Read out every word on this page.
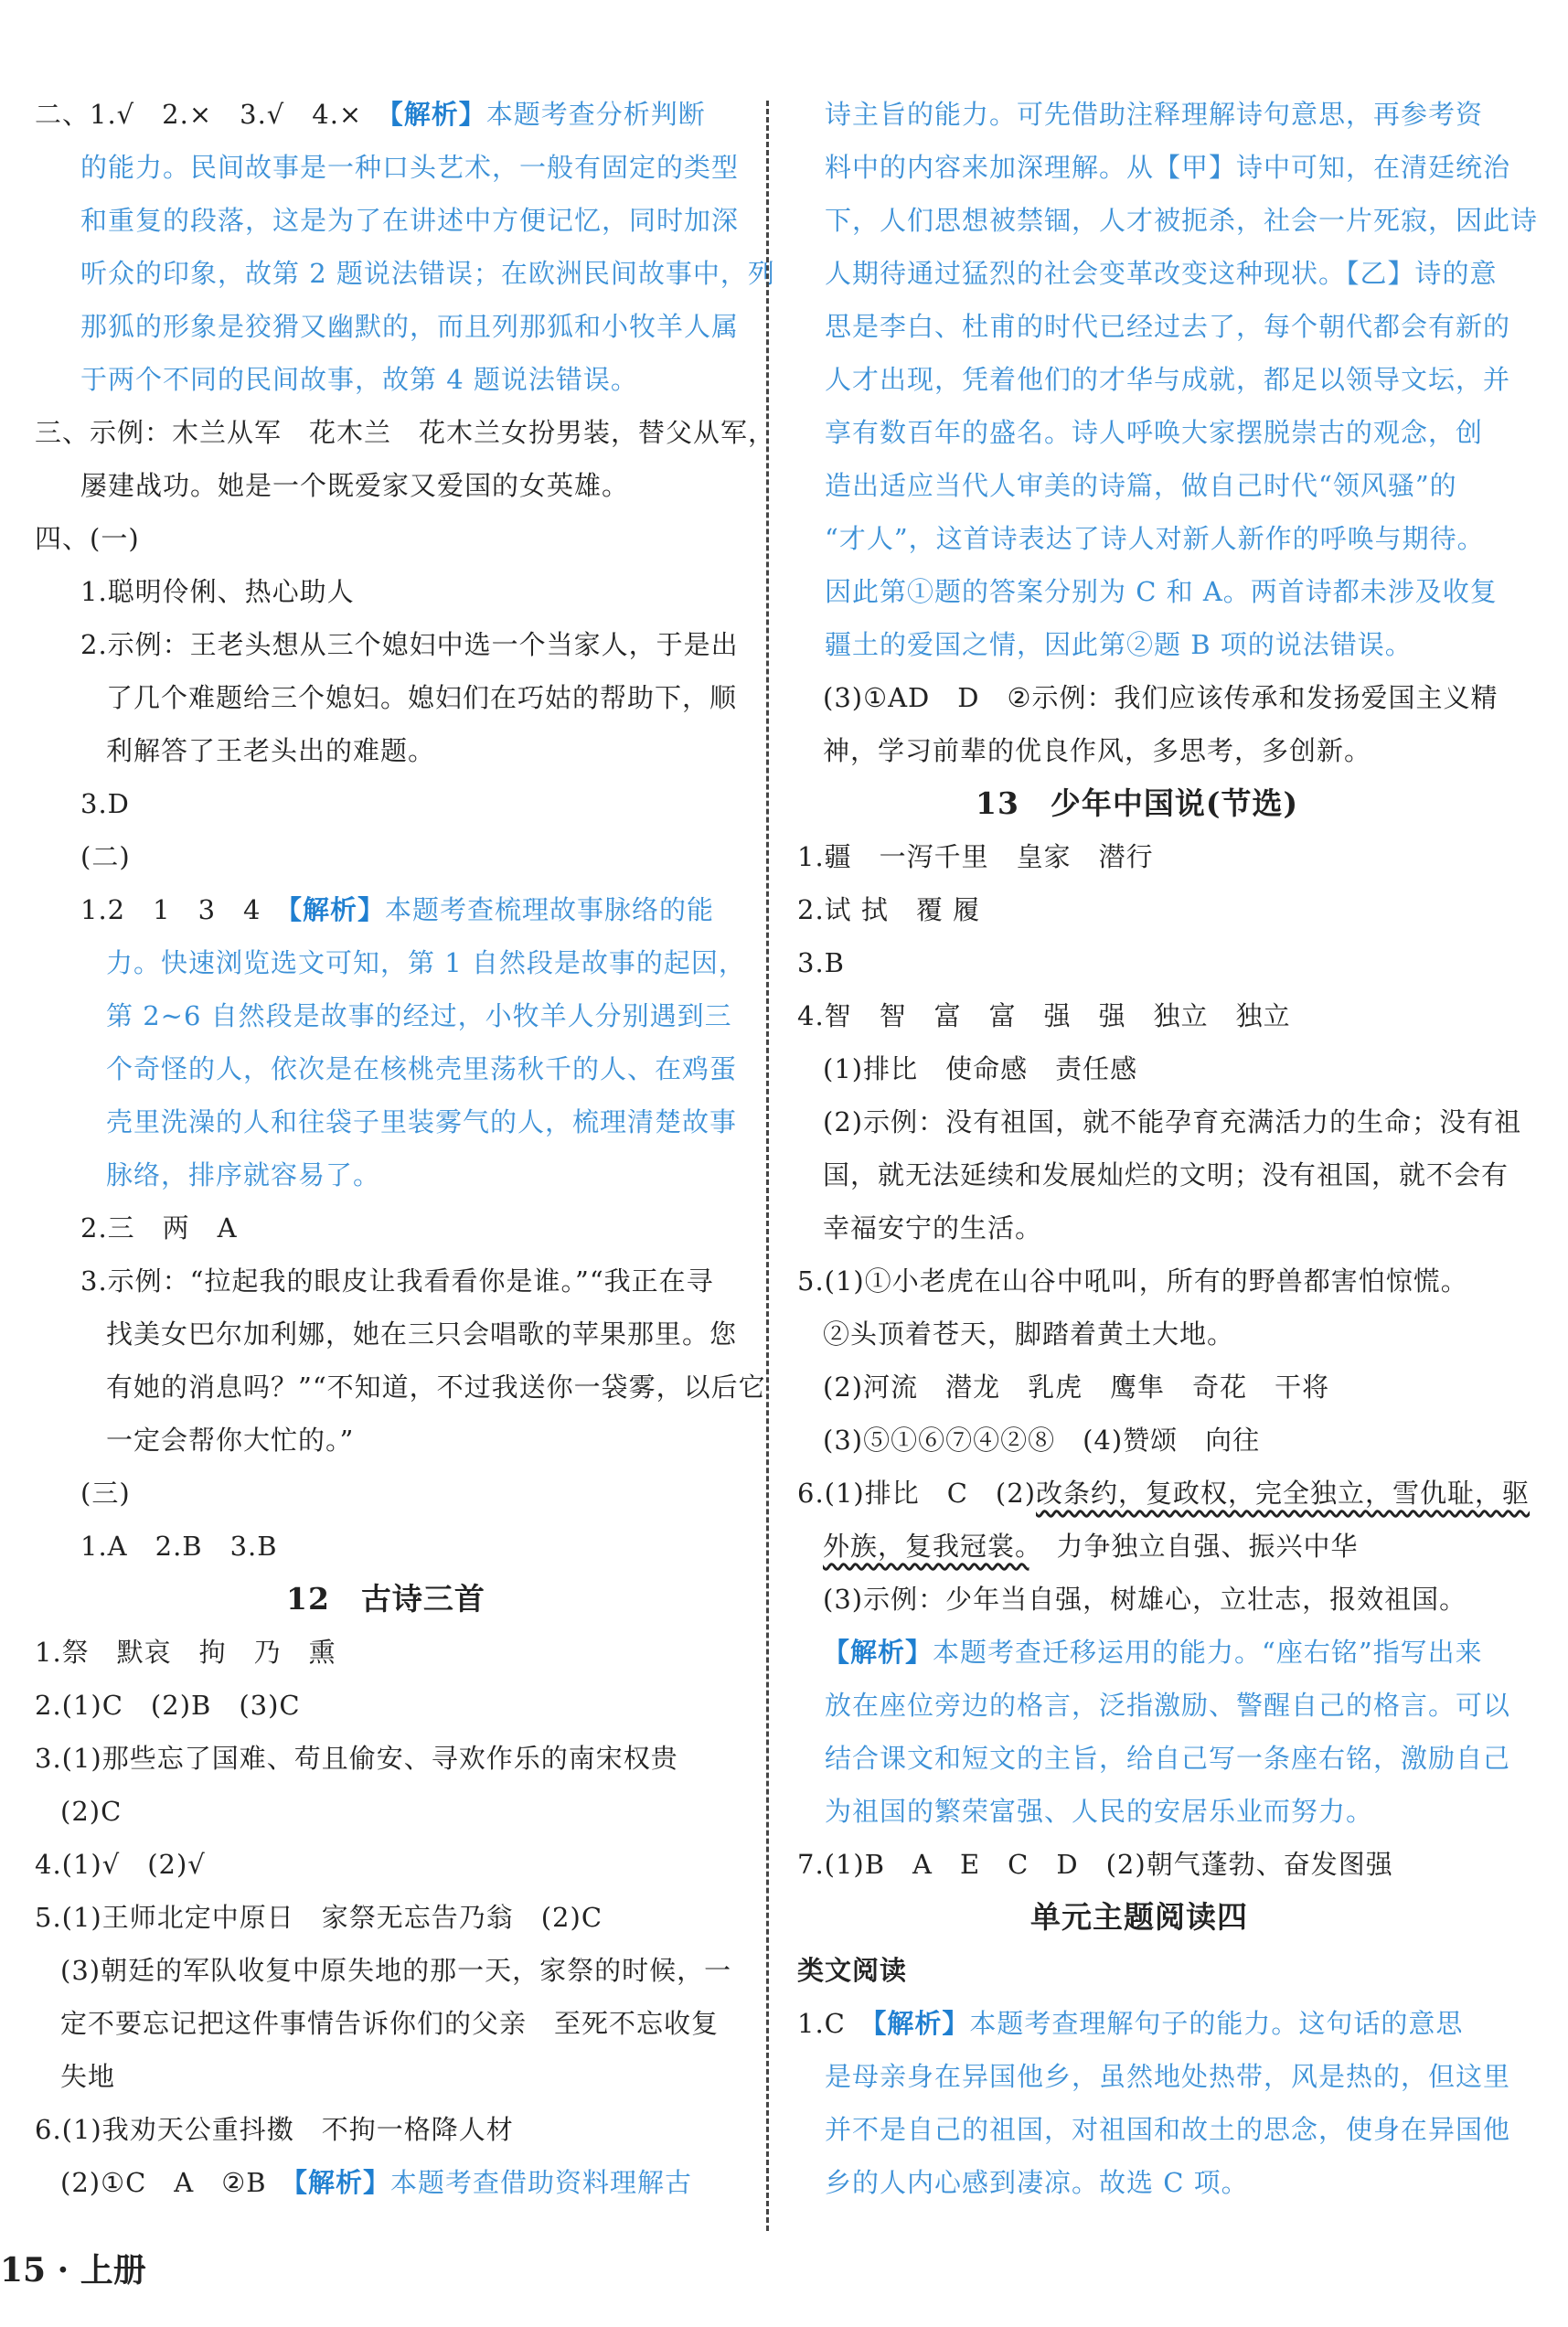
二、1.√　2.×　3.√　4.×　【解析】本题考查分析判断
的能力。民间故事是一种口头艺术，一般有固定的类型
和重复的段落，这是为了在讲述中方便记忆，同时加深
听众的印象，故第 2 题说法错误；在欧洲民间故事中，列
那狐的形象是狡猾又幽默的，而且列那狐和小牧羊人属
于两个不同的民间故事，故第 4 题说法错误。
三、示例：木兰从军　花木兰　花木兰女扮男装，替父从军，
屡建战功。她是一个既爱家又爱国的女英雄。
四、(一)
1.聪明伶俐、热心助人
2.示例：王老头想从三个媳妇中选一个当家人，于是出
了几个难题给三个媳妇。媳妇们在巧姑的帮助下，顺
利解答了王老头出的难题。
3.D
(二)
1.2　1　3　4　【解析】本题考查梳理故事脉络的能
力。快速浏览选文可知，第 1 自然段是故事的起因，
第 2~6 自然段是故事的经过，小牧羊人分别遇到三
个奇怪的人，依次是在核桃壳里荡秋千的人、在鸡蛋
壳里洗澡的人和往袋子里装雾气的人，梳理清楚故事
脉络，排序就容易了。
2.三　两　A
3.示例：“拉起我的眼皮让我看看你是谁。”“我正在寻
找美女巴尔加利娜，她在三只会唱歌的苹果那里。您
有她的消息吗？”“不知道，不过我送你一袋雾，以后它
一定会帮你大忙的。”
(三)
1.A　2.B　3.B
12　古诗三首
1.祭　默哀　拘　乃　熏
2.(1)C　(2)B　(3)C
3.(1)那些忘了国难、苟且偷安、寻欢作乐的南宋权贵
(2)C
4.(1)√　(2)√
5.(1)王师北定中原日　家祭无忘告乃翁　(2)C
(3)朝廷的军队收复中原失地的那一天，家祭的时候，一
定不要忘记把这件事情告诉你们的父亲　至死不忘收复
失地
6.(1)我劝天公重抖擞　不拘一格降人材
(2)①C　A　②B　【解析】本题考查借助资料理解古
诗主旨的能力。可先借助注释理解诗句意思，再参考资
料中的内容来加深理解。从【甲】诗中可知，在清廷统治
下，人们思想被禁锢，人才被扼杀，社会一片死寂，因此诗
人期待通过猛烈的社会变革改变这种现状。【乙】诗的意
思是李白、杜甫的时代已经过去了，每个朝代都会有新的
人才出现，凭着他们的才华与成就，都足以领导文坛，并
享有数百年的盛名。诗人呼唤大家摆脱崇古的观念，创
造出适应当代人审美的诗篇，做自己时代“领风骚”的
“才人”，这首诗表达了诗人对新人新作的呼唤与期待。
因此第①题的答案分别为 C 和 A。两首诗都未涉及收复
疆土的爱国之情，因此第②题 B 项的说法错误。
(3)①AD　D　②示例：我们应该传承和发扬爱国主义精
神，学习前辈的优良作风，多思考，多创新。
13　少年中国说(节选)
1.疆　一泻千里　皇家　潜行
2.试 拭　覆 履
3.B
4.智　智　富　富　强　强　独立　独立
(1)排比　使命感　责任感
(2)示例：没有祖国，就不能孕育充满活力的生命；没有祖
国，就无法延续和发展灿烂的文明；没有祖国，就不会有
幸福安宁的生活。
5.(1)①小老虎在山谷中吼叫，所有的野兽都害怕惊慌。
②头顶着苍天，脚踏着黄土大地。
(2)河流　潜龙　乳虎　鹰隼　奇花　干将
(3)⑤①⑥⑦④②⑧　(4)赞颂　向往
6.(1)排比　C　(2)改条约，复政权，完全独立，雪仇耻，驱
外族，复我冠裳。　力争独立自强、振兴中华
(3)示例：少年当自强，树雄心，立壮志，报效祖国。
【解析】本题考查迁移运用的能力。“座右铭”指写出来
放在座位旁边的格言，泛指激励、警醒自己的格言。可以
结合课文和短文的主旨，给自己写一条座右铭，激励自己
为祖国的繁荣富强、人民的安居乐业而努力。
7.(1)B　A　E　C　D　(2)朝气蓬勃、奋发图强
单元主题阅读四
类文阅读
1.C　【解析】本题考查理解句子的能力。这句话的意思
是母亲身在异国他乡，虽然地处热带，风是热的，但这里
并不是自己的祖国，对祖国和故土的思念，使身在异国他
乡的人内心感到凄凉。故选 C 项。
15 · 上册
